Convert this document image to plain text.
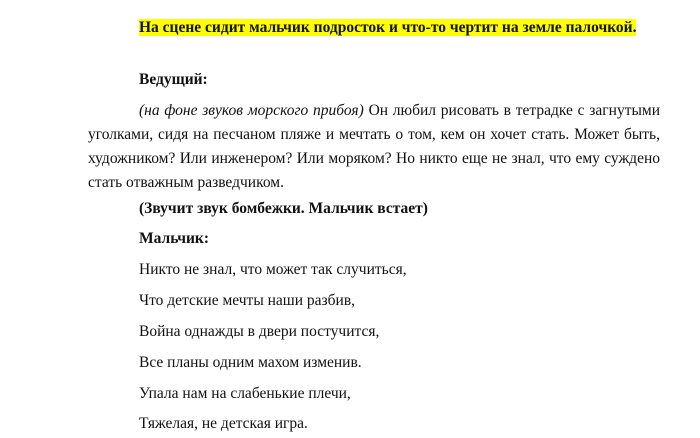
На сцене сидит мальчик подросток и что-то чертит на земле палочкой.

Ведущий:

(на фоне звуков морского прибоя) Он любил рисовать в тетрадке с загнутыми уголками, сидя на песчаном пляже и мечтать о том, кем он хочет стать. Может быть, художником? Или инженером? Или моряком? Но никто еще не знал, что ему суждено стать отважным разведчиком.

(Звучит звук бомбежки. Мальчик встает)

Мальчик:

Никто не знал, что может так случиться,

Что детские мечты наши разбив,

Война однажды в двери постучится,

Все планы одним махом изменив.

Упала нам на слабенькие плечи,

Тяжелая, не детская игра.
